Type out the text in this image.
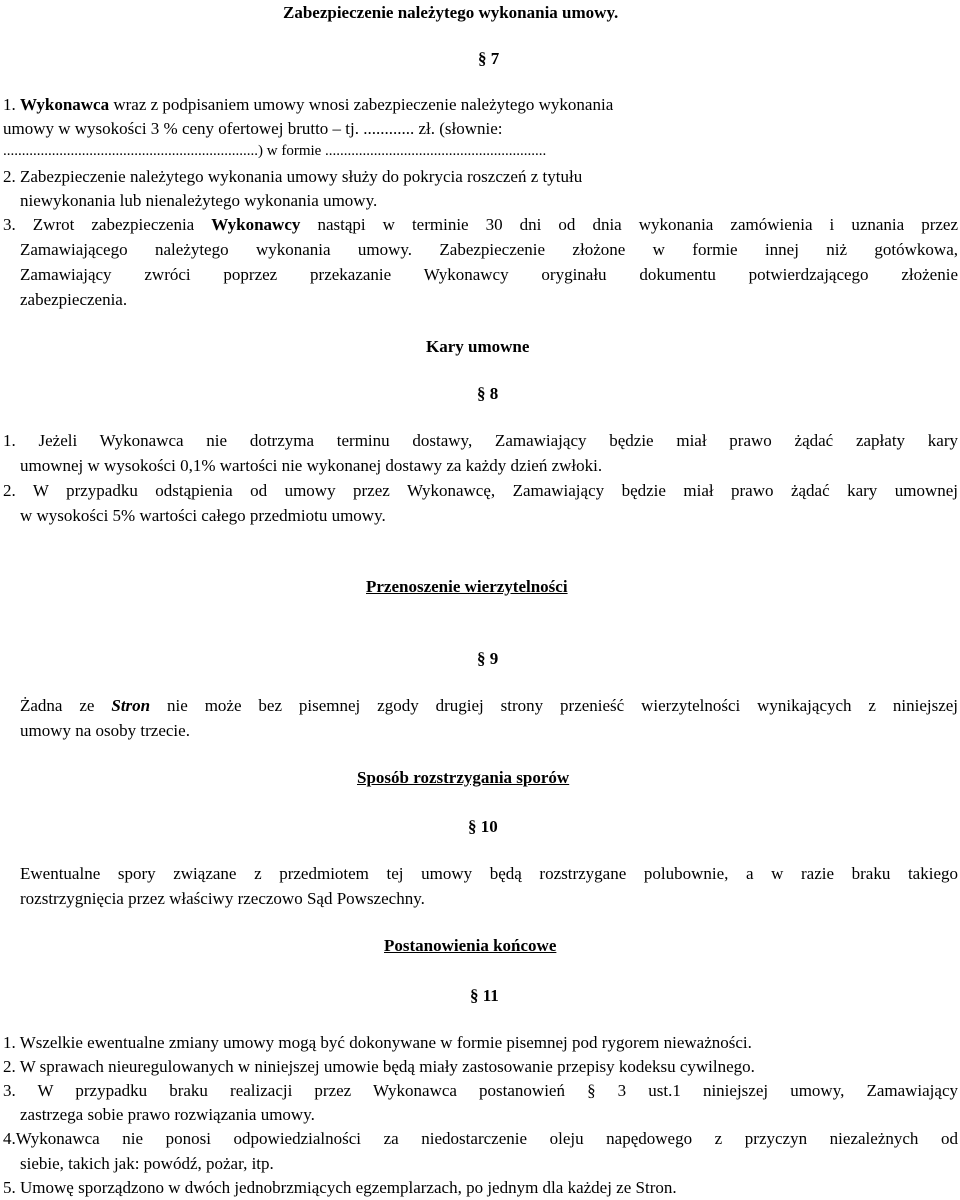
Zabezpieczenie należytego wykonania umowy.
§ 7
1. Wykonawca wraz z podpisaniem umowy wnosi zabezpieczenie należytego wykonania
umowy w wysokości 3 % ceny ofertowej brutto – tj. ............ zł. (słownie:
....................................................................) w formie ...........................................................
2. Zabezpieczenie należytego wykonania umowy służy do pokrycia roszczeń z tytułu
niewykonania lub nienależytego wykonania umowy.
3. Zwrot zabezpieczenia Wykonawcy nastąpi w terminie 30 dni od dnia wykonania zamówienia i uznania przez
Zamawiającego należytego wykonania umowy. Zabezpieczenie złożone w formie innej niż gotówkowa,
Zamawiający zwróci poprzez przekazanie Wykonawcy oryginału dokumentu potwierdzającego złożenie
zabezpieczenia.
Kary umowne
§ 8
1. Jeżeli Wykonawca nie dotrzyma terminu dostawy, Zamawiający będzie miał prawo żądać zapłaty kary
umownej w wysokości 0,1% wartości nie wykonanej dostawy za każdy dzień zwłoki.
2. W przypadku odstąpienia od umowy przez Wykonawcę, Zamawiający będzie miał prawo żądać kary umownej
w wysokości 5% wartości całego przedmiotu umowy.
Przenoszenie wierzytelności
§ 9
Żadna ze Stron nie może bez pisemnej zgody drugiej strony przenieść wierzytelności wynikających z niniejszej
umowy na osoby trzecie.
Sposób rozstrzygania sporów
§ 10
Ewentualne spory związane z przedmiotem tej umowy będą rozstrzygane polubownie, a w razie braku takiego
rozstrzygnięcia przez właściwy rzeczowo Sąd Powszechny.
Postanowienia końcowe
§ 11
1. Wszelkie ewentualne zmiany umowy mogą być dokonywane w formie pisemnej pod rygorem nieważności.
2. W sprawach nieuregulowanych w niniejszej umowie będą miały zastosowanie przepisy kodeksu cywilnego.
3. W przypadku braku realizacji przez Wykonawca postanowień § 3 ust.1 niniejszej umowy, Zamawiający
zastrzega sobie prawo rozwiązania umowy.
4.Wykonawca nie ponosi odpowiedzialności za niedostarczenie oleju napędowego z przyczyn niezależnych od
siebie, takich jak: powódź, pożar, itp.
5. Umowę sporządzono w dwóch jednobrzmiących egzemplarzach, po jednym dla każdej ze Stron.
